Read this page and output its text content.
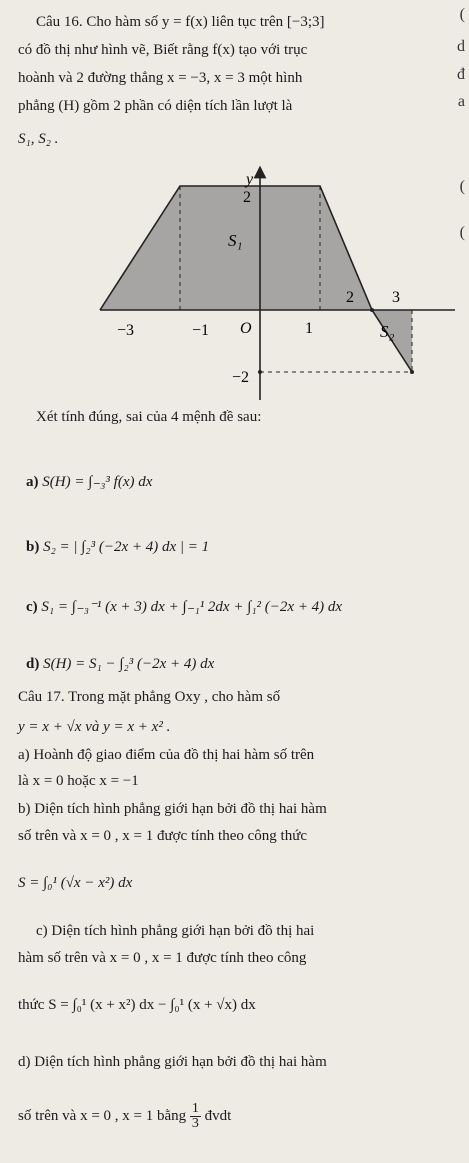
Câu 16. Cho hàm số y = f(x) liên tục trên [−3;3]
có đồ thị như hình vẽ, Biết rằng f(x) tạo với trục
hoành và 2 đường thẳng x = −3, x = 3 một hình
phẳng (H) gồm 2 phần có diện tích lần lượt là
S₁, S₂ .
(
d
đ
a
(
(
y
2
−2
−3	−1 O	1
2 3
S₁
S₂
Xét tính đúng, sai của 4 mệnh đề sau:
a) S(H) = ∫₋₃³ f(x) dx
b) S₂ = | ∫₂³ (−2x + 4) dx | = 1
c) S₁ = ∫₋₃⁻¹ (x + 3) dx + ∫₋₁¹ 2dx + ∫₁² (−2x + 4) dx
d) S(H) = S₁ − ∫₂³ (−2x + 4) dx
Câu 17. Trong mặt phẳng Oxy , cho hàm số
y = x + √x và y = x + x² .
a) Hoành độ giao điểm của đồ thị hai hàm số trên
là x = 0 hoặc x = −1
b) Diện tích hình phẳng giới hạn bởi đồ thị hai hàm
số trên và x = 0 , x = 1 được tính theo công thức
S = ∫₀¹ (√x − x²) dx
c) Diện tích hình phẳng giới hạn bởi đồ thị hai
hàm số trên và x = 0 , x = 1 được tính theo công
thức S = ∫₀¹ (x + x²) dx − ∫₀¹ (x + √x) dx
d) Diện tích hình phẳng giới hạn bởi đồ thị hai hàm
số trên và x = 0 , x = 1 bằng $\frac{1}{3}$ đvdt
